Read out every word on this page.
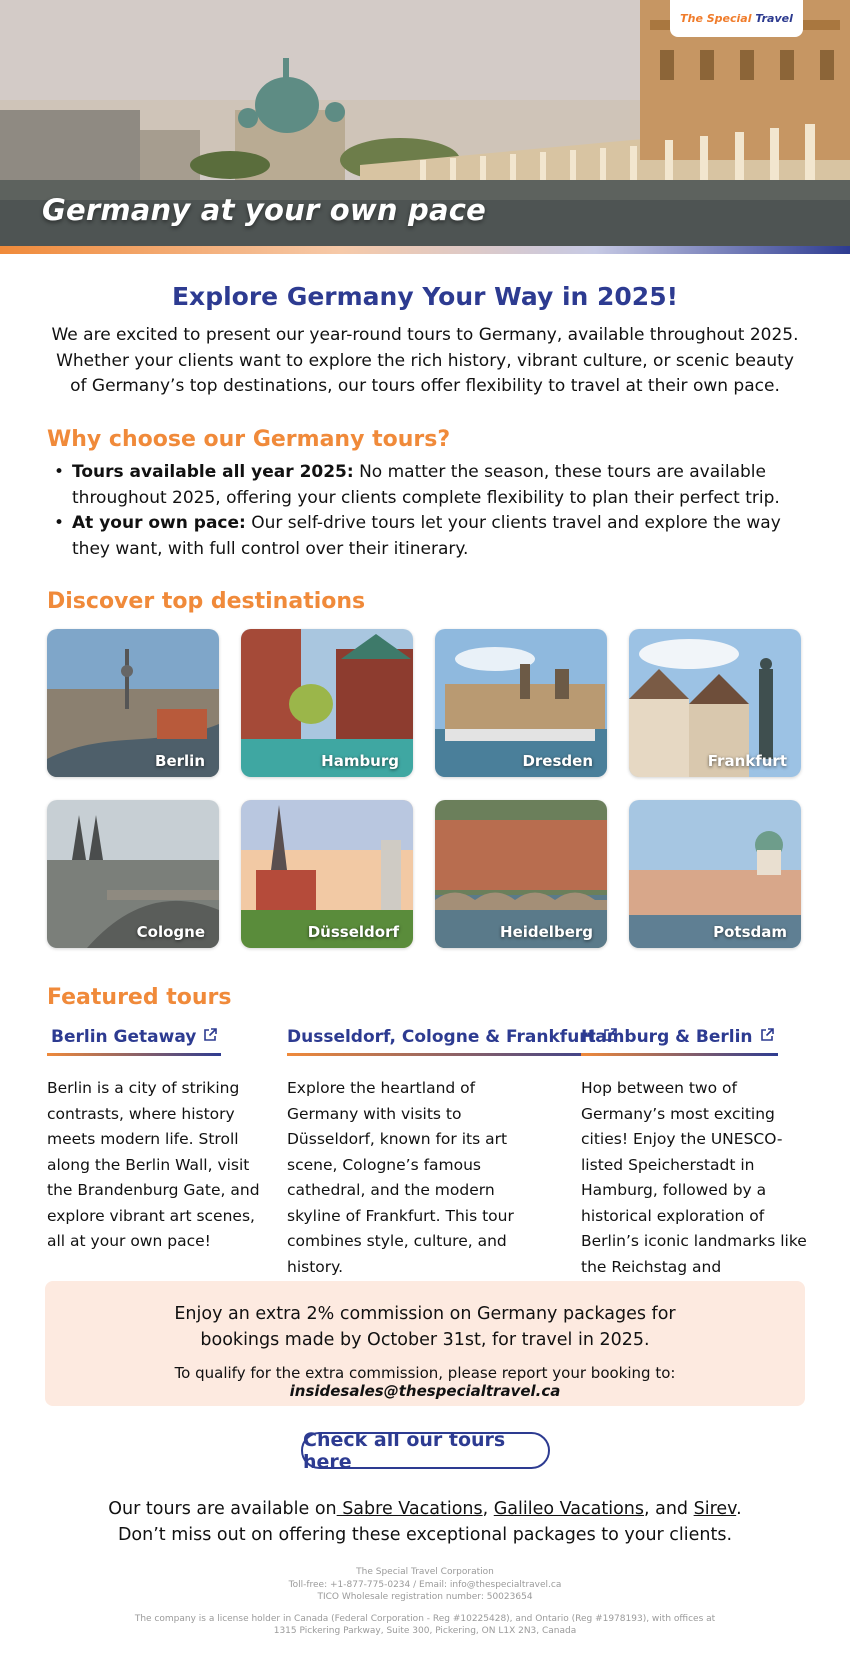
Germany at your own pace
The Special Travel
Explore Germany Your Way in 2025!

We are excited to present our year-round tours to Germany, available throughout 2025. Whether your clients want to explore the rich history, vibrant culture, or scenic beauty of Germany’s top destinations, our tours offer flexibility to travel at their own pace.

Why choose our Germany tours?
• Tours available all year 2025: No matter the season, these tours are available throughout 2025, offering your clients complete flexibility to plan their perfect trip.
• At your own pace: Our self-drive tours let your clients travel and explore the way they want, with full control over their itinerary.
Discover top destinations
Berlin	Hamburg	Dresden	Frankfurt
Cologne	Düsseldorf	Heidelberg	Potsdam
Featured tours
Berlin Getaway

Berlin is a city of striking contrasts, where history meets modern life. Stroll along the Berlin Wall, visit the Brandenburg Gate, and explore vibrant art scenes, all at your own pace!

Dusseldorf, Cologne & Frankfurt

Explore the heartland of Germany with visits to Düsseldorf, known for its art scene, Cologne’s famous cathedral, and the modern skyline of Frankfurt. This tour combines style, culture, and history.

Hamburg & Berlin

Hop between two of Germany’s most exciting cities! Enjoy the UNESCO-listed Speicherstadt in Hamburg, followed by a historical exploration of Berlin’s iconic landmarks like the Reichstag and

Enjoy an extra 2% commission on Germany packages for
bookings made by October 31st, for travel in 2025.
To qualify for the extra commission, please report your booking to: insidesales@thespecialtravel.ca
Check all our tours here
Our tours are available on Sabre Vacations, Galileo Vacations, and Sirev.
Don’t miss out on offering these exceptional packages to your clients.
The Special Travel Corporation
Toll-free: +1-877-775-0234 / Email: info@thespecialtravel.ca
TICO Wholesale registration number: 50023654
The company is a license holder in Canada (Federal Corporation - Reg #10225428), and Ontario (Reg #1978193), with offices at
1315 Pickering Parkway, Suite 300, Pickering, ON L1X 2N3, Canada
